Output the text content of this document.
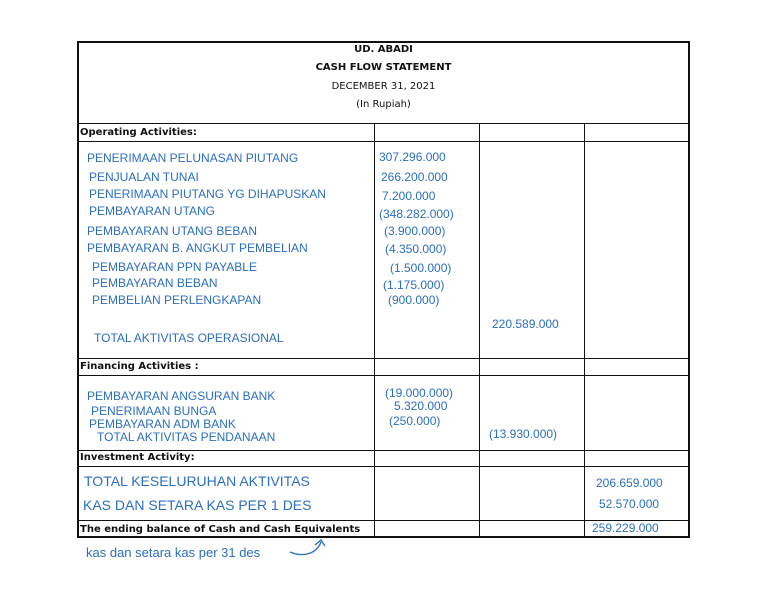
UD. ABADI
CASH FLOW STATEMENT
DECEMBER 31, 2021
(In Rupiah)
Operating Activities:
PENERIMAAN PELUNASAN PIUTANG
PENJUALAN TUNAI
PENERIMAAN PIUTANG YG DIHAPUSKAN
PEMBAYARAN UTANG
PEMBAYARAN UTANG BEBAN
PEMBAYARAN B. ANGKUT PEMBELIAN
PEMBAYARAN PPN PAYABLE
PEMBAYARAN BEBAN
PEMBELIAN PERLENGKAPAN
TOTAL AKTIVITAS OPERASIONAL
307.296.000
266.200.000
7.200.000
(348.282.000)
(3.900.000)
(4.350.000)
(1.500.000)
(1.175.000)
(900.000)
220.589.000
Financing Activities :
PEMBAYARAN ANGSURAN BANK
PENERIMAAN BUNGA
PEMBAYARAN ADM BANK
TOTAL AKTIVITAS PENDANAAN
(19.000.000)
5.320.000
(250.000)
(13.930.000)
Investment Activity:
TOTAL KESELURUHAN AKTIVITAS
KAS DAN SETARA KAS PER 1 DES
206.659.000
52.570.000
The ending balance of Cash and Cash Equivalents	259.229.000
kas dan setara kas per 31 des
